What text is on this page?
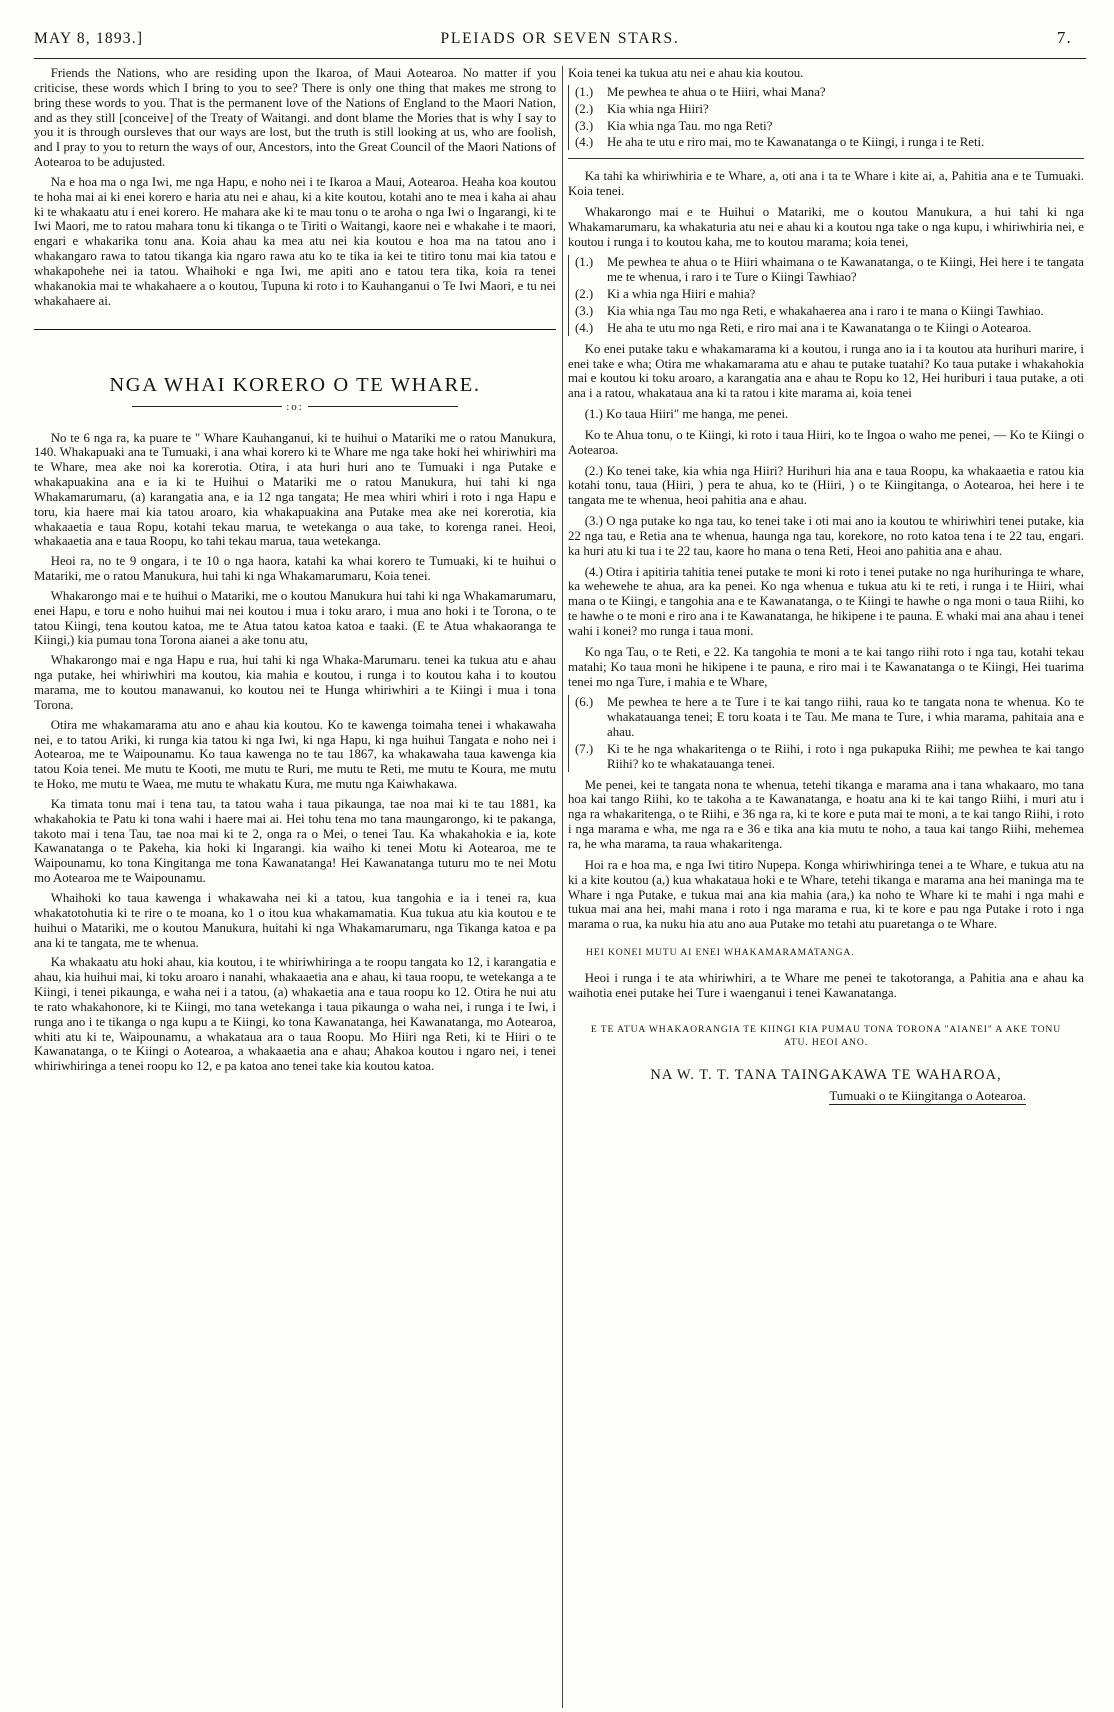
MAY 8, 1893.]	PLEIADS OR SEVEN STARS.	7.

Friends the Nations, who are residing upon the Ikaroa, of Maui Aotearoa. No matter if you criticise, these words which I bring to you to see? There is only one thing that makes me strong to bring these words to you. That is the permanent love of the Nations of England to the Maori Nation, and as they still [conceive] of the Treaty of Waitangi. and dont blame the Mories that is why I say to you it is through oursleves that our ways are lost, but the truth is still looking at us, who are foolish, and I pray to you to return the ways of our, Ancestors, into the Great Council of the Maori Nations of Aotearoa to be adujusted.

Na e hoa ma o nga Iwi, me nga Hapu, e noho nei i te Ikaroa a Maui, Aotearoa. Heaha koa koutou te hoha mai ai ki enei korero e haria atu nei e ahau, ki a kite koutou, kotahi ano te mea i kaha ai ahau ki te whakaatu atu i enei korero. He mahara ake ki te mau tonu o te aroha o nga Iwi o Ingarangi, ki te Iwi Maori, me to ratou mahara tonu ki tikanga o te Tiriti o Waitangi, kaore nei e whakahe i te maori, engari e whakarika tonu ana. Koia ahau ka mea atu nei kia koutou e hoa ma na tatou ano i whakangaro rawa to tatou tikanga kia ngaro rawa atu ko te tika ia kei te titiro tonu mai kia tatou e whakapohehe nei ia tatou. Whaihoki e nga Iwi, me apiti ano e tatou tera tika, koia ra tenei whakanokia mai te whakahaere a o koutou, Tupuna ki roto i to Kauhanganui o Te Iwi Maori, e tu nei whakahaere ai.

NGA WHAI KORERO O TE WHARE.
:o:

No te 6 nga ra, ka puare te " Whare Kauhanganui, ki te huihui o Matariki me o ratou Manukura, 140. Whakapuaki ana te Tumuaki, i ana whai korero ki te Whare me nga take hoki hei whiriwhiri ma te Whare, mea ake noi ka korerotia. Otira, i ata huri huri ano te Tumuaki i nga Putake e whakapuakina ana e ia ki te Huihui o Matariki me o ratou Manukura, hui tahi ki nga Whakamarumaru, (a) karangatia ana, e ia 12 nga tangata; He mea whiri whiri i roto i nga Hapu e toru, kia haere mai kia tatou aroaro, kia whakapuakina ana Putake mea ake nei korerotia, kia whakaaetia e taua Ropu, kotahi tekau marua, te wetekanga o aua take, to korenga ranei. Heoi, whakaaetia ana e taua Roopu, ko tahi tekau marua, taua wetekanga.

Heoi ra, no te 9 ongara, i te 10 o nga haora, katahi ka whai korero te Tumuaki, ki te huihui o Matariki, me o ratou Manukura, hui tahi ki nga Whakamarumaru, Koia tenei.

Whakarongo mai e te huihui o Matariki, me o koutou Manukura hui tahi ki nga Whakamarumaru, enei Hapu, e toru e noho huihui mai nei koutou i mua i toku araro, i mua ano hoki i te Torona, o te tatou Kiingi, tena koutou katoa, me te Atua tatou katoa katoa e taaki. (E te Atua whakaoranga te Kiingi,) kia pumau tona Torona aianei a ake tonu atu,

Whakarongo mai e nga Hapu e rua, hui tahi ki nga Whaka-Marumaru. tenei ka tukua atu e ahau nga putake, hei whiriwhiri ma koutou, kia mahia e koutou, i runga i to koutou kaha i to koutou marama, me to koutou manawanui, ko koutou nei te Hunga whiriwhiri a te Kiingi i mua i tona Torona.

Otira me whakamarama atu ano e ahau kia koutou. Ko te kawenga toimaha tenei i whakawaha nei, e to tatou Ariki, ki runga kia tatou ki nga Iwi, ki nga Hapu, ki nga huihui Tangata e noho nei i Aotearoa, me te Waipounamu. Ko taua kawenga no te tau 1867, ka whakawaha taua kawenga kia tatou Koia tenei. Me mutu te Kooti, me mutu te Ruri, me mutu te Reti, me mutu te Koura, me mutu te Hoko, me mutu te Waea, me mutu te whakatu Kura, me mutu nga Kaiwhakawa.

Ka timata tonu mai i tena tau, ta tatou waha i taua pikaunga, tae noa mai ki te tau 1881, ka whakahokia te Patu ki tona wahi i haere mai ai. Hei tohu tena mo tana maungarongo, ki te pakanga, takoto mai i tena Tau, tae noa mai ki te 2, onga ra o Mei, o tenei Tau. Ka whakahokia e ia, kote Kawanatanga o te Pakeha, kia hoki ki Ingarangi. kia waiho ki tenei Motu ki Aotearoa, me te Waipounamu, ko tona Kingitanga me tona Kawanatanga! Hei Kawanatanga tuturu mo te nei Motu mo Aotearoa me te Waipounamu.

Whaihoki ko taua kawenga i whakawaha nei ki a tatou, kua tangohia e ia i tenei ra, kua whakatotohutia ki te rire o te moana, ko 1 o itou kua whakamamatia. Kua tukua atu kia koutou e te huihui o Matariki, me o koutou Manukura, huitahi ki nga Whakamarumaru, nga Tikanga katoa e pa ana ki te tangata, me te whenua.

Ka whakaatu atu hoki ahau, kia koutou, i te whiriwhiringa a te roopu tangata ko 12, i karangatia e ahau, kia huihui mai, ki toku aroaro i nanahi, whakaaetia ana e ahau, ki taua roopu, te wetekanga a te Kiingi, i tenei pikaunga, e waha nei i a tatou, (a) whakaetia ana e taua roopu ko 12. Otira he nui atu te rato whakahonore, ki te Kiingi, mo tana wetekanga i taua pikaunga o waha nei, i runga i te Iwi, i runga ano i te tikanga o nga kupu a te Kiingi, ko tona Kawanatanga, hei Kawanatanga, mo Aotearoa, whiti atu ki te, Waipounamu, a whakataua ara o taua Roopu. Mo Hiiri nga Reti, ki te Hiiri o te Kawanatanga, o te Kiingi o Aotearoa, a whakaaetia ana e ahau; Ahakoa koutou i ngaro nei, i tenei whiriwhiringa a tenei roopu ko 12, e pa katoa ano tenei take kia koutou katoa.

Koia tenei ka tukua atu nei e ahau kia koutou.

(1.)	Me pewhea te ahua o te Hiiri, whai Mana?
(2.)	Kia whia nga Hiiri?
(3.)	Kia whia nga Tau. mo nga Reti?
(4.)	He aha te utu e riro mai, mo te Kawanatanga o te Kiingi, i runga i te Reti.

Ka tahi ka whiriwhiria e te Whare, a, oti ana i ta te Whare i kite ai, a, Pahitia ana e te Tumuaki. Koia tenei.

Whakarongo mai e te Huihui o Matariki, me o koutou Manukura, a hui tahi ki nga Whakamarumaru, ka whakaturia atu nei e ahau ki a koutou nga take o nga kupu, i whiriwhiria nei, e koutou i runga i to koutou kaha, me to koutou marama; koia tenei,

(1.)	Me pewhea te ahua o te Hiiri whaimana o te Kawanatanga, o te Kiingi, Hei here i te tangata me te whenua, i raro i te Ture o Kiingi Tawhiao?
(2.)	Ki a whia nga Hiiri e mahia?
(3.)	Kia whia nga Tau mo nga Reti, e whakahaerea ana i raro i te mana o Kiingi Tawhiao.
(4.)	He aha te utu mo nga Reti, e riro mai ana i te Kawanatanga o te Kiingi o Aotearoa.

Ko enei putake taku e whakamarama ki a koutou, i runga ano ia i ta koutou ata hurihuri marire, i enei take e wha; Otira me whakamarama atu e ahau te putake tuatahi? Ko taua putake i whakahokia mai e koutou ki toku aroaro, a karangatia ana e ahau te Ropu ko 12, Hei huriburi i taua putake, a oti ana i a ratou, whakataua ana ki ta ratou i kite marama ai, koia tenei

(1.) Ko taua Hiiri" me hanga, me penei.

Ko te Ahua tonu, o te Kiingi, ki roto i taua Hiiri, ko te Ingoa o waho me penei, — Ko te Kiingi o Aotearoa.

(2.) Ko tenei take, kia whia nga Hiiri? Hurihuri hia ana e taua Roopu, ka whakaaetia e ratou kia kotahi tonu, taua (Hiiri, ) pera te ahua, ko te (Hiiri, ) o te Kiingitanga, o Aotearoa, hei here i te tangata me te whenua, heoi pahitia ana e ahau.

(3.) O nga putake ko nga tau, ko tenei take i oti mai ano ia koutou te whiriwhiri tenei putake, kia 22 nga tau, e Retia ana te whenua, haunga nga tau, korekore, no roto katoa tena i te 22 tau, engari. ka huri atu ki tua i te 22 tau, kaore ho mana o tena Reti, Heoi ano pahitia ana e ahau.

(4.) Otira i apitiria tahitia tenei putake te moni ki roto i tenei putake no nga hurihuringa te whare, ka wehewehe te ahua, ara ka penei. Ko nga whenua e tukua atu ki te reti, i runga i te Hiiri, whai mana o te Kiingi, e tangohia ana e te Kawanatanga, o te Kiingi te hawhe o nga moni o taua Riihi, ko te hawhe o te moni e riro ana i te Kawanatanga, he hikipene i te pauna. E whaki mai ana ahau i tenei wahi i konei? mo runga i taua moni.

Ko nga Tau, o te Reti, e 22. Ka tangohia te moni a te kai tango riihi roto i nga tau, kotahi tekau matahi; Ko taua moni he hikipene i te pauna, e riro mai i te Kawanatanga o te Kiingi, Hei tuarima tenei mo nga Ture, i mahia e te Whare,

(6.)	Me pewhea te here a te Ture i te kai tango riihi, raua ko te tangata nona te whenua. Ko te whakatauanga tenei; E toru koata i te Tau. Me mana te Ture, i whia marama, pahitaia ana e ahau.
(7.)	Ki te he nga whakaritenga o te Riihi, i roto i nga pukapuka Riihi; me pewhea te kai tango Riihi? ko te whakatauanga tenei.

Me penei, kei te tangata nona te whenua, tetehi tikanga e marama ana i tana whakaaro, mo tana hoa kai tango Riihi, ko te takoha a te Kawanatanga, e hoatu ana ki te kai tango Riihi, i muri atu i nga ra whakaritenga, o te Riihi, e 36 nga ra, ki te kore e puta mai te moni, a te kai tango Riihi, i roto i nga marama e wha, me nga ra e 36 e tika ana kia mutu te noho, a taua kai tango Riihi, mehemea ra, he wha marama, ta raua whakaritenga.

Hoi ra e hoa ma, e nga Iwi titiro Nupepa. Konga whiriwhiringa tenei a te Whare, e tukua atu na ki a kite koutou (a,) kua whakataua hoki e te Whare, tetehi tikanga e marama ana hei maninga ma te Whare i nga Putake, e tukua mai ana kia mahia (ara,) ka noho te Whare ki te mahi i nga mahi e tukua mai ana hei, mahi mana i roto i nga marama e rua, ki te kore e pau nga Putake i roto i nga marama o rua, ka nuku hia atu ano aua Putake mo tetahi atu puaretanga o te Whare.

HEI KONEI MUTU AI ENEI WHAKAMARAMATANGA.

Heoi i runga i te ata whiriwhiri, a te Whare me penei te takotoranga, a Pahitia ana e ahau ka waihotia enei putake hei Ture i waenganui i tenei Kawanatanga.

E TE ATUA WHAKAORANGIA TE KIINGI KIA PUMAU TONA TORONA "AIANEI" A AKE TONU ATU. HEOI ANO.
NA W. T. T. TANA TAINGAKAWA TE WAHAROA,
Tumuaki o te Kiingitanga o Aotearoa.
